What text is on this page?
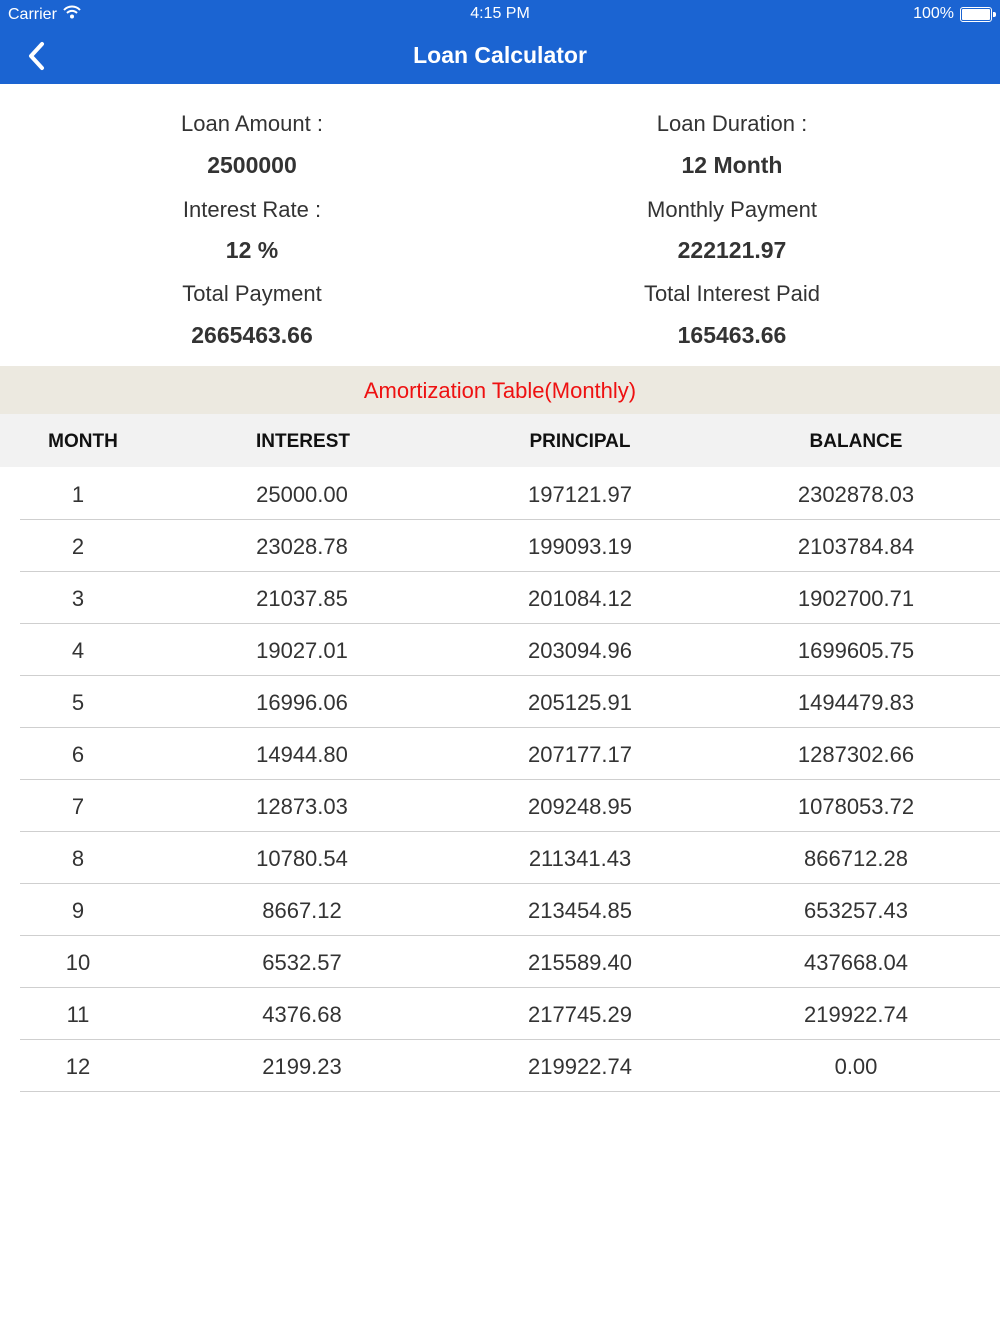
Carrier	4:15 PM	100%
Loan Calculator
Loan Amount :
2500000
Loan Duration :
12 Month
Interest Rate :
12 %
Monthly Payment
222121.97
Total Payment
2665463.66
Total Interest Paid
165463.66
Amortization Table(Monthly)
MONTH	INTEREST	PRINCIPAL	BALANCE
1	25000.00	197121.97	2302878.03
2	23028.78	199093.19	2103784.84
3	21037.85	201084.12	1902700.71
4	19027.01	203094.96	1699605.75
5	16996.06	205125.91	1494479.83
6	14944.80	207177.17	1287302.66
7	12873.03	209248.95	1078053.72
8	10780.54	211341.43	866712.28
9	8667.12	213454.85	653257.43
10	6532.57	215589.40	437668.04
11	4376.68	217745.29	219922.74
12	2199.23	219922.74	0.00
